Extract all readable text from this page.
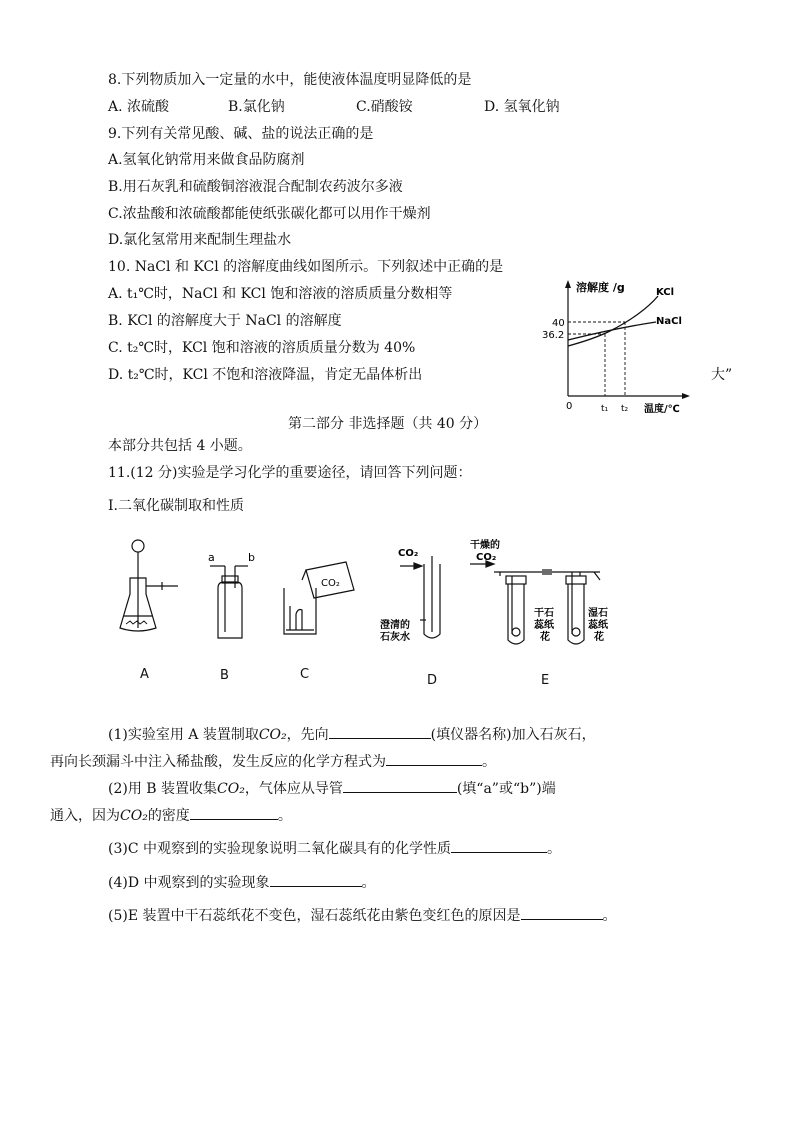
8.下列物质加入一定量的水中，能使液体温度明显降低的是
A. 浓硫酸	B.氯化钠	C.硝酸铵	D. 氢氧化钠
9.下列有关常见酸、碱、盐的说法正确的是
A.氢氧化钠常用来做食品防腐剂
B.用石灰乳和硫酸铜溶液混合配制农药波尔多液
C.浓盐酸和浓硫酸都能使纸张碳化都可以用作干燥剂
D.氯化氢常用来配制生理盐水
10. NaCl 和 KCl 的溶解度曲线如图所示。下列叙述中正确的是
A. t₁℃时，NaCl 和 KCl 饱和溶液的溶质质量分数相等
B. KCl 的溶解度大于 NaCl 的溶解度
C. t₂℃时，KCl 饱和溶液的溶质质量分数为 40%
D. t₂℃时，KCl 不饱和溶液降温，肯定无晶体析出	大”
溶解度 /g	KCl
NaCl
40
36.2
0	t₁ t₂ 温度/℃
第二部分 非选择题（共 40 分）
本部分共包括 4 小题。
11.(12 分)实验是学习化学的重要途径，请回答下列问题：
Ⅰ.二氧化碳制取和性质
a	b
CO₂
CO₂
澄清的
石灰水
干燥的
CO₂
干石
蕊纸
花
湿石
蕊纸
花
A	B	C	D	E
(1)实验室用 A 装置制取CO₂，先向	(填仪器名称)加入石灰石，
再向长颈漏斗中注入稀盐酸，发生反应的化学方程式为	。
(2)用 B 装置收集CO₂，气体应从导管	(填“a”或“b”)端
通入，因为CO₂的密度	。
(3)C 中观察到的实验现象说明二氧化碳具有的化学性质	。
(4)D 中观察到的实验现象	。
(5)E 装置中干石蕊纸花不变色，湿石蕊纸花由紫色变红色的原因是	。
